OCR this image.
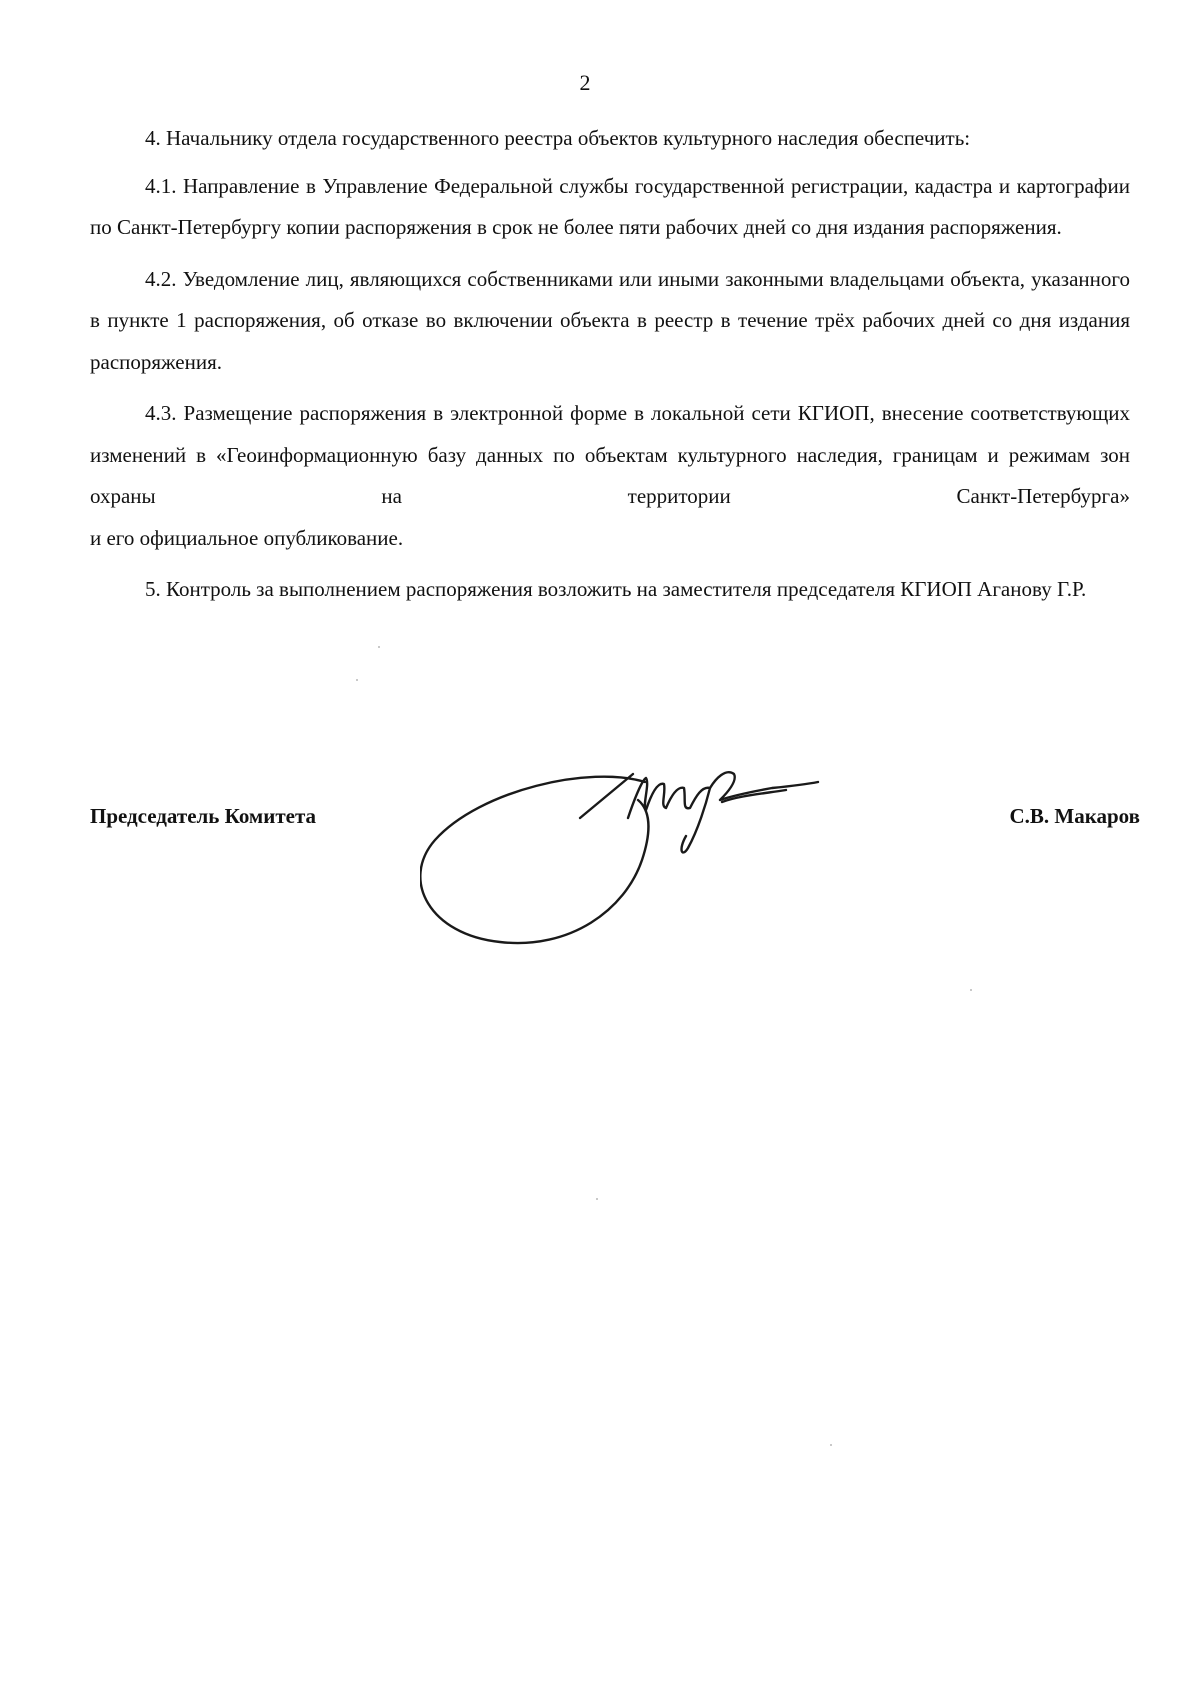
2

4. Начальнику отдела государственного реестра объектов культурного наследия обеспечить:

4.1. Направление в Управление Федеральной службы государственной регистрации, кадастра и картографии по Санкт-Петербургу копии распоряжения в срок не более пяти рабочих дней со дня издания распоряжения.

4.2. Уведомление лиц, являющихся собственниками или иными законными владельцами объекта, указанного в пункте 1 распоряжения, об отказе во включении объекта в реестр в течение трёх рабочих дней со дня издания распоряжения.

4.3. Размещение распоряжения в электронной форме в локальной сети КГИОП, внесение соответствующих изменений в «Геоинформационную базу данных по объектам культурного наследия, границам и режимам зон охраны на территории Санкт-Петербурга»

и его официальное опубликование.

5. Контроль за выполнением распоряжения возложить на заместителя председателя КГИОП Аганову Г.Р.

Председатель Комитета	С.В. Макаров
